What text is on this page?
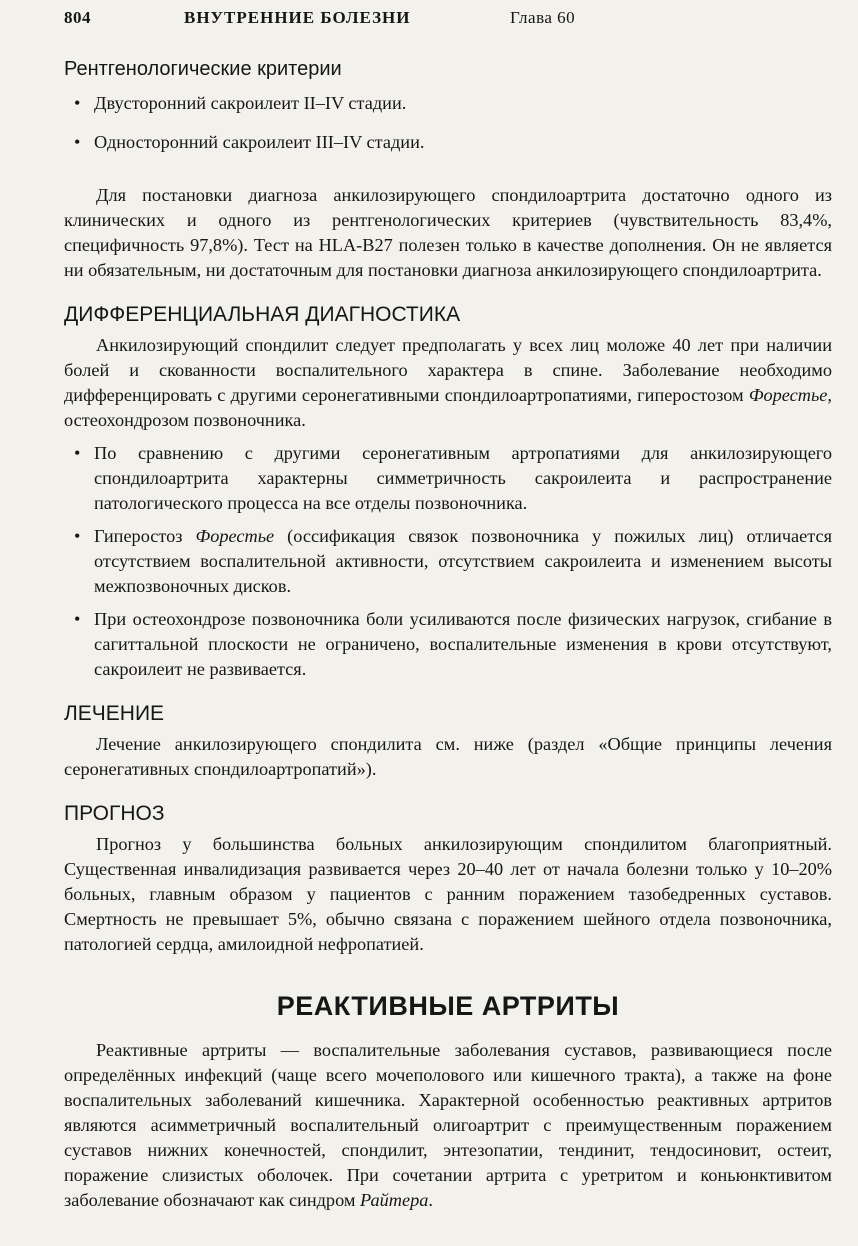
804	ВНУТРЕННИЕ БОЛЕЗНИ	Глава 60
Рентгенологические критерии
• Двусторонний сакроилеит II–IV стадии.
• Односторонний сакроилеит III–IV стадии.

Для постановки диагноза анкилозирующего спондилоартрита достаточно одного из клинических и одного из рентгенологических критериев (чувствительность 83,4%, специфичность 97,8%). Тест на HLA-B27 полезен только в качестве дополнения. Он не является ни обязательным, ни достаточным для постановки диагноза анкилозирующего спондилоартрита.

ДИФФЕРЕНЦИАЛЬНАЯ ДИАГНОСТИКА

Анкилозирующий спондилит следует предполагать у всех лиц моложе 40 лет при наличии болей и скованности воспалительного характера в спине. Заболевание необходимо дифференцировать с другими серонегативными спондилоартропатиями, гиперостозом Форестье, остеохондрозом позвоночника.

• По сравнению с другими серонегативным артропатиями для анкилозирующего спондилоартрита характерны симметричность сакроилеита и распространение патологического процесса на все отделы позвоночника.
• Гиперостоз Форестье (оссификация связок позвоночника у пожилых лиц) отличается отсутствием воспалительной активности, отсутствием сакроилеита и изменением высоты межпозвоночных дисков.
• При остеохондрозе позвоночника боли усиливаются после физических нагрузок, сгибание в сагиттальной плоскости не ограничено, воспалительные изменения в крови отсутствуют, сакроилеит не развивается.
ЛЕЧЕНИЕ

Лечение анкилозирующего спондилита см. ниже (раздел «Общие принципы лечения серонегативных спондилоартропатий»).

ПРОГНОЗ

Прогноз у большинства больных анкилозирующим спондилитом благоприятный. Существенная инвалидизация развивается через 20–40 лет от начала болезни только у 10–20% больных, главным образом у пациентов с ранним поражением тазобедренных суставов. Смертность не превышает 5%, обычно связана с поражением шейного отдела позвоночника, патологией сердца, амилоидной нефропатией.

РЕАКТИВНЫЕ АРТРИТЫ

Реактивные артриты — воспалительные заболевания суставов, развивающиеся после определённых инфекций (чаще всего мочеполового или кишечного тракта), а также на фоне воспалительных заболеваний кишечника. Характерной особенностью реактивных артритов являются асимметричный воспалительный олигоартрит с преимущественным поражением суставов нижних конечностей, спондилит, энтезопатии, тендинит, тендосиновит, остеит, поражение слизистых оболочек. При сочетании артрита с уретритом и коньюнктивитом заболевание обозначают как синдром Райтера.
